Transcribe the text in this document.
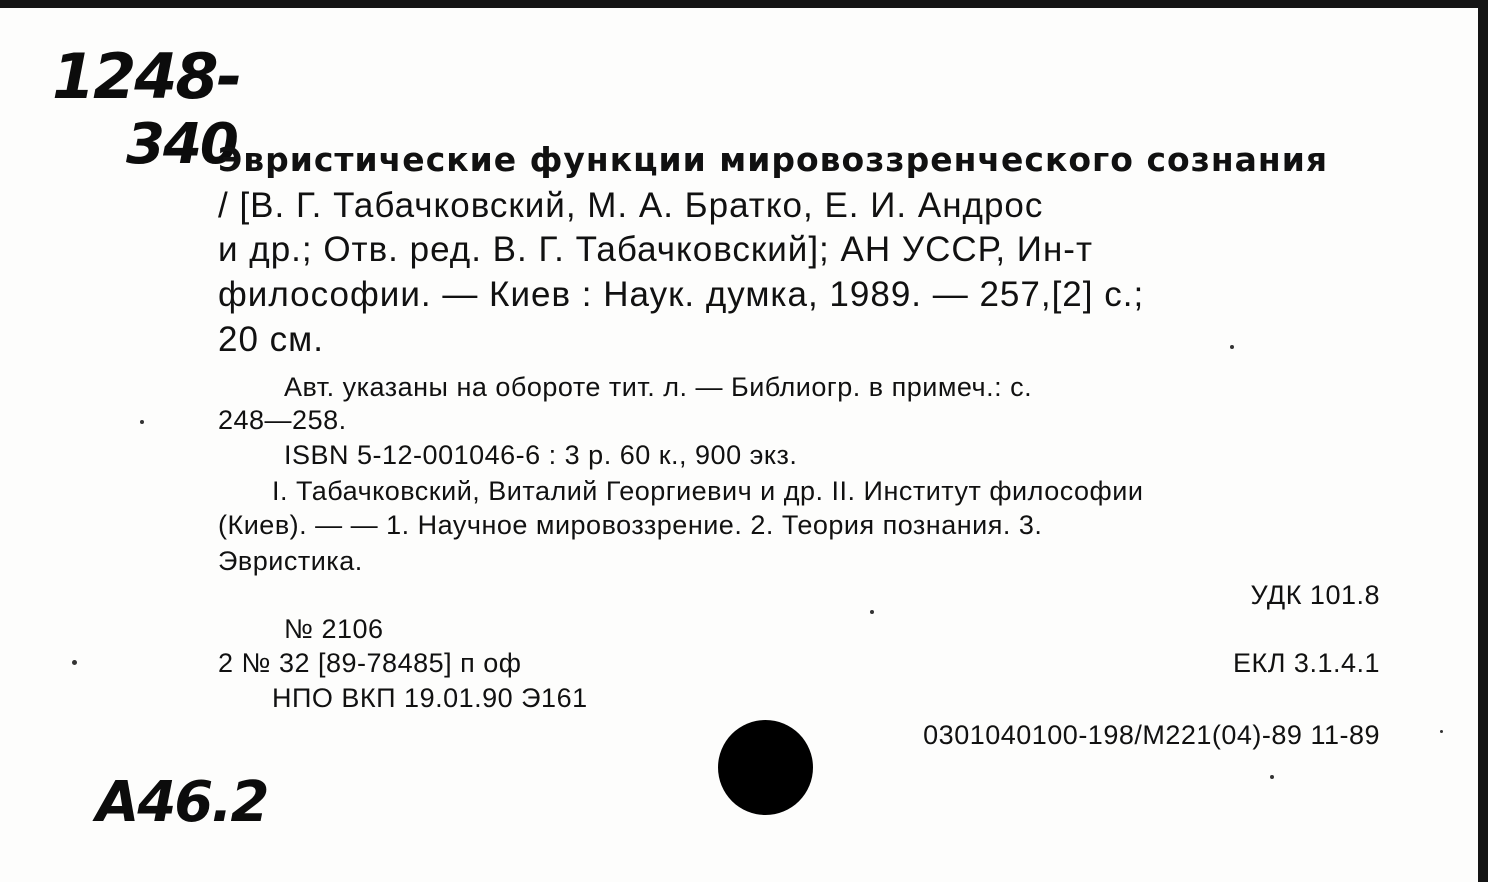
1248-
340
Эвристические функции мировоззренческого сознания
/ [В. Г. Табачковский, М. А. Братко, Е. И. Андрос
и др.; Отв. ред. В. Г. Табачковский]; АН УССР, Ин-т
философии. — Киев : Наук. думка, 1989. — 257,[2] с.;
20 см.
Авт. указаны на обороте тит. л. — Библиогр. в примеч.: с.
248—258.
ISBN 5-12-001046-6 : 3 р. 60 к., 900 экз.
I. Табачковский, Виталий Георгиевич и др. II. Институт философии
(Киев). — — 1. Научное мировоззрение. 2. Теория познания. 3.
Эвристика.
УДК 101.8
№ 2106
2 № 32 [89-78485] п оф	ЕКЛ 3.1.4.1
НПО ВКП 19.01.90 Э161
0301040100-198/М221(04)-89 11-89
A46.2
